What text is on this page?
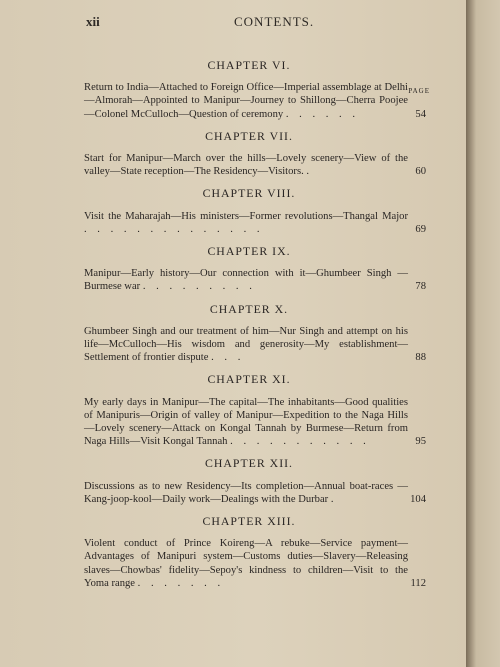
xii	CONTENTS.
CHAPTER VI.
PAGE
Return to India—Attached to Foreign Office—Imperial assemblage at Delhi—Almorah—Appointed to Manipur—Journey to Shillong—Cherra Poojee—Colonel McCulloch—Question of ceremony . . . . . .	54
CHAPTER VII.
Start for Manipur—March over the hills—Lovely scenery—View of the valley—State reception—The Residency—Visitors. .	60
CHAPTER VIII.
Visit the Maharajah—His ministers—Former revolutions—Thangal Major . . . . . . . . . . . . . .	69
CHAPTER IX.
Manipur—Early history—Our connection with it—Ghumbeer Singh —Burmese war . . . . . . . . .	78
CHAPTER X.
Ghumbeer Singh and our treatment of him—Nur Singh and attempt on his life—McCulloch—His wisdom and generosity—My establishment—Settlement of frontier dispute . . .	88
CHAPTER XI.
My early days in Manipur—The capital—The inhabitants—Good qualities of Manipuris—Origin of valley of Manipur—Expedition to the Naga Hills—Lovely scenery—Attack on Kongal Tannah by Burmese—Return from Naga Hills—Visit Kongal Tannah . . . . . . . . . . .	95
CHAPTER XII.
Discussions as to new Residency—Its completion—Annual boat-races —Kang-joop-kool—Daily work—Dealings with the Durbar .	104
CHAPTER XIII.
Violent conduct of Prince Koireng—A rebuke—Service payment—Advantages of Manipuri system—Customs duties—Slavery—Releasing slaves—Chowbas' fidelity—Sepoy's kindness to children—Visit to the Yoma range . . . . . . .	112
